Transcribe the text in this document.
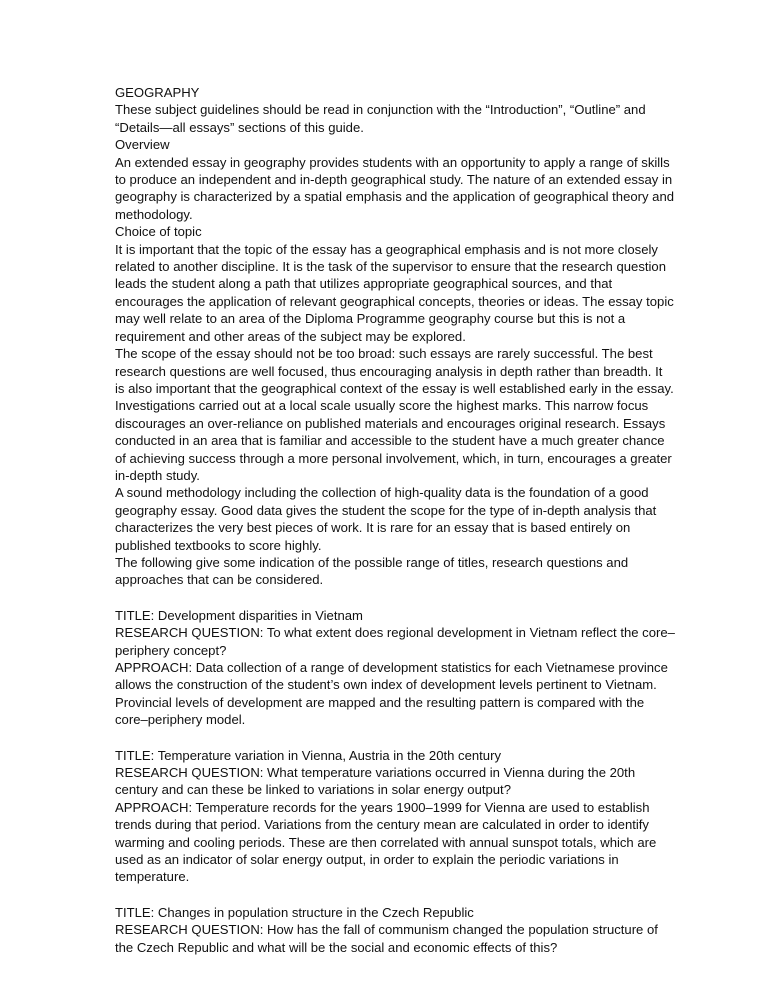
GEOGRAPHY

These subject guidelines should be read in conjunction with the “Introduction”, “Outline” and “Details—all essays” sections of this guide.

Overview

An extended essay in geography provides students with an opportunity to apply a range of skills to produce an independent and in-depth geographical study. The nature of an extended essay in geography is characterized by a spatial emphasis and the application of geographical theory and methodology.

Choice of topic

It is important that the topic of the essay has a geographical emphasis and is not more closely related to another discipline. It is the task of the supervisor to ensure that the research question leads the student along a path that utilizes appropriate geographical sources, and that encourages the application of relevant geographical concepts, theories or ideas. The essay topic may well relate to an area of the Diploma Programme geography course but this is not a requirement and other areas of the subject may be explored.

The scope of the essay should not be too broad: such essays are rarely successful. The best research questions are well focused, thus encouraging analysis in depth rather than breadth. It is also important that the geographical context of the essay is well established early in the essay.

Investigations carried out at a local scale usually score the highest marks. This narrow focus discourages an over-reliance on published materials and encourages original research. Essays conducted in an area that is familiar and accessible to the student have a much greater chance of achieving success through a more personal involvement, which, in turn, encourages a greater in-depth study.

A sound methodology including the collection of high-quality data is the foundation of a good geography essay. Good data gives the student the scope for the type of in-depth analysis that characterizes the very best pieces of work. It is rare for an essay that is based entirely on published textbooks to score highly.

The following give some indication of the possible range of titles, research questions and approaches that can be considered.

TITLE: Development disparities in Vietnam

RESEARCH QUESTION: To what extent does regional development in Vietnam reflect the core–periphery concept?

APPROACH: Data collection of a range of development statistics for each Vietnamese province allows the construction of the student’s own index of development levels pertinent to Vietnam. Provincial levels of development are mapped and the resulting pattern is compared with the core–periphery model.

TITLE: Temperature variation in Vienna, Austria in the 20th century

RESEARCH QUESTION: What temperature variations occurred in Vienna during the 20th century and can these be linked to variations in solar energy output?

APPROACH: Temperature records for the years 1900–1999 for Vienna are used to establish trends during that period. Variations from the century mean are calculated in order to identify warming and cooling periods. These are then correlated with annual sunspot totals, which are used as an indicator of solar energy output, in order to explain the periodic variations in temperature.

TITLE: Changes in population structure in the Czech Republic

RESEARCH QUESTION: How has the fall of communism changed the population structure of the Czech Republic and what will be the social and economic effects of this?
